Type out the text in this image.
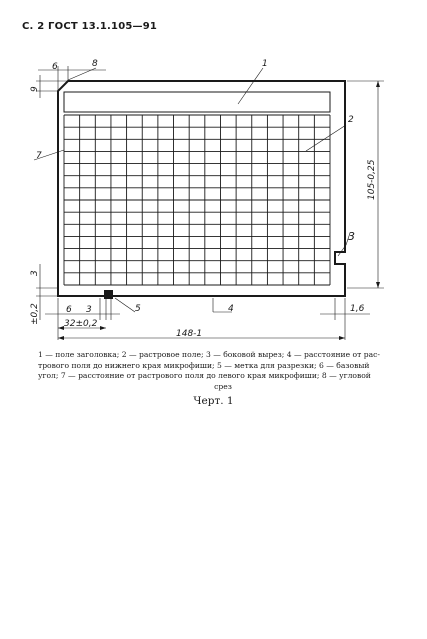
С. 2 ГОСТ 13.1.105—91
6	8
9
7
1
2
3
4
5
105-0,25
3
±0,2	6 3
32±0,2
148-1
1,6
1 — поле заголовка; 2 — растровое поле; 3 — боковой вырез; 4 — расстояние от рас-
трового поля до нижнего края микрофиши; 5 — метка для разрезки; 6 — базовый
угол; 7 — расстояние от растрового поля до левого края микрофиши; 8 — угловой
срез
Черт. 1
